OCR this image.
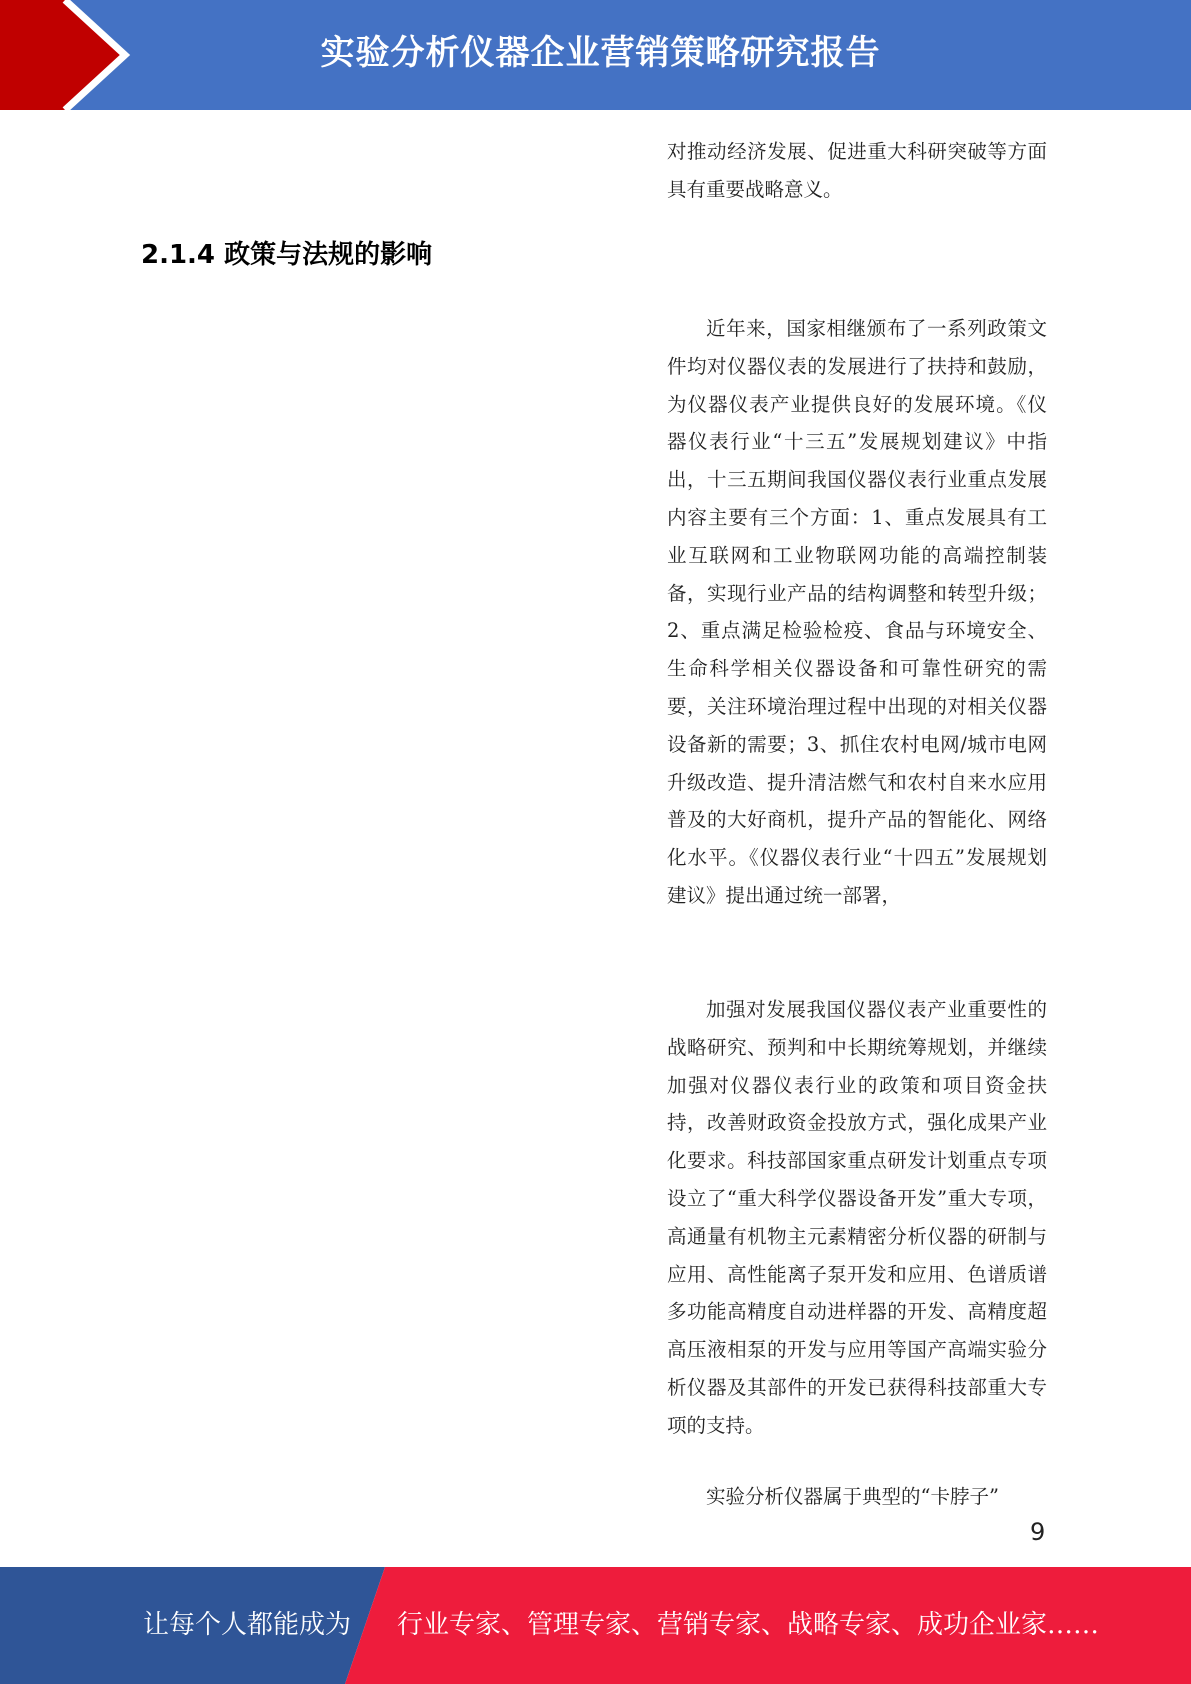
实验分析仪器企业营销策略研究报告
2.1.4 政策与法规的影响

对推动经济发展、促进重大科研突破等方面具有重要战略意义。

近年来，国家相继颁布了一系列政策文件均对仪器仪表的发展进行了扶持和鼓励，为仪器仪表产业提供良好的发展环境。《仪器仪表行业“十三五”发展规划建议》中指出，十三五期间我国仪器仪表行业重点发展内容主要有三个方面：1、重点发展具有工业互联网和工业物联网功能的高端控制装备，实现行业产品的结构调整和转型升级；2、重点满足检验检疫、食品与环境安全、生命科学相关仪器设备和可靠性研究的需要，关注环境治理过程中出现的对相关仪器设备新的需要；3、抓住农村电网/城市电网升级改造、提升清洁燃气和农村自来水应用普及的大好商机，提升产品的智能化、网络化水平。《仪器仪表行业“十四五”发展规划建议》提出通过统一部署，

加强对发展我国仪器仪表产业重要性的战略研究、预判和中长期统筹规划，并继续加强对仪器仪表行业的政策和项目资金扶持，改善财政资金投放方式，强化成果产业化要求。科技部国家重点研发计划重点专项设立了“重大科学仪器设备开发”重大专项，高通量有机物主元素精密分析仪器的研制与应用、高性能离子泵开发和应用、色谱质谱多功能高精度自动进样器的开发、高精度超高压液相泵的开发与应用等国产高端实验分析仪器及其部件的开发已获得科技部重大专项的支持。

实验分析仪器属于典型的“卡脖子”

9
让每个人都能成为 行业专家、管理专家、营销专家、战略专家、成功企业家……
